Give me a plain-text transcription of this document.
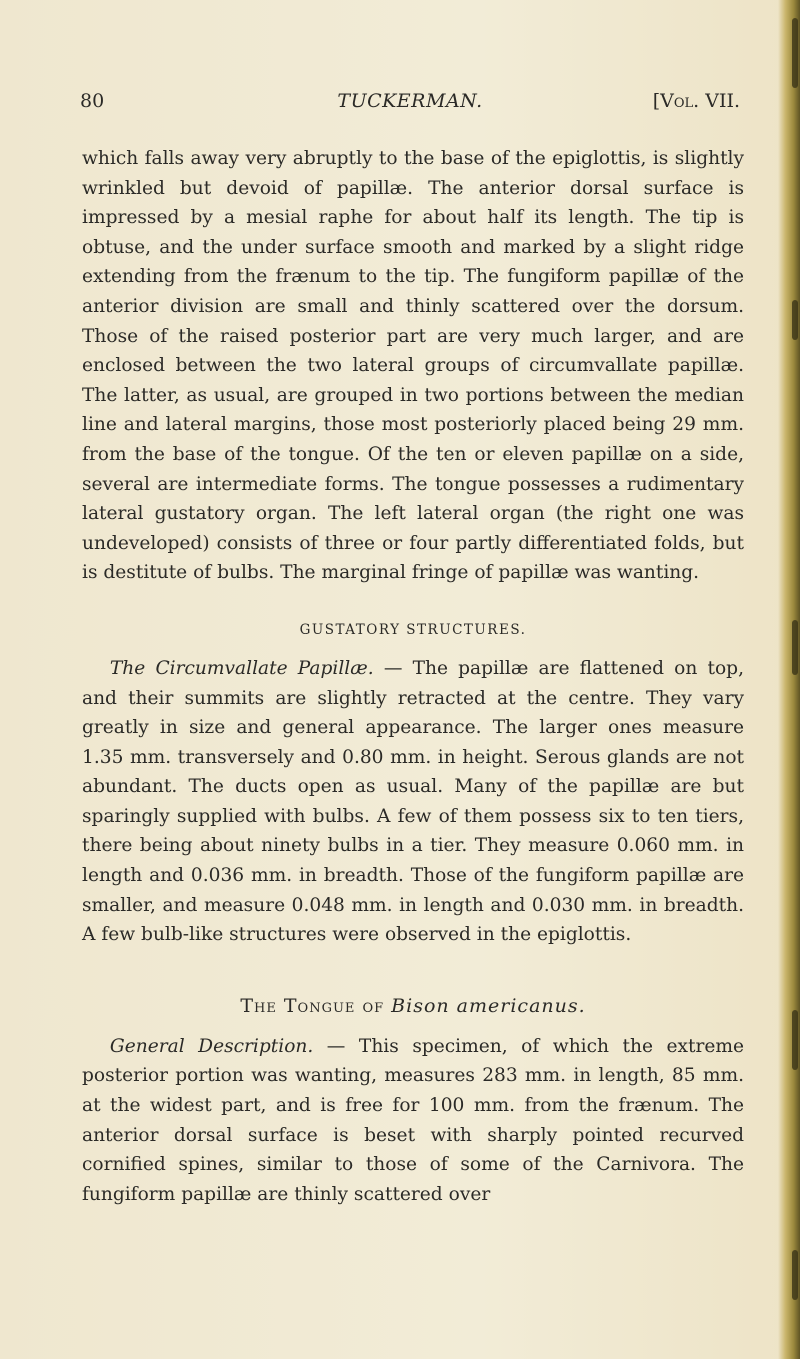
80	TUCKERMAN.	[Vol. VII.

which falls away very abruptly to the base of the epiglottis, is slightly wrinkled but devoid of papillæ. The anterior dorsal surface is impressed by a mesial raphe for about half its length. The tip is obtuse, and the under surface smooth and marked by a slight ridge extending from the frænum to the tip. The fungiform papillæ of the anterior division are small and thinly scattered over the dorsum. Those of the raised posterior part are very much larger, and are enclosed between the two lateral groups of circumvallate papillæ. The latter, as usual, are grouped in two portions between the median line and lateral margins, those most posteriorly placed being 29 mm. from the base of the tongue. Of the ten or eleven papillæ on a side, several are intermediate forms. The tongue possesses a rudimentary lateral gustatory organ. The left lateral organ (the right one was undeveloped) consists of three or four partly differentiated folds, but is destitute of bulbs. The marginal fringe of papillæ was wanting.

GUSTATORY STRUCTURES.

The Circumvallate Papillæ. — The papillæ are flattened on top, and their summits are slightly retracted at the centre. They vary greatly in size and general appearance. The larger ones measure 1.35 mm. transversely and 0.80 mm. in height. Serous glands are not abundant. The ducts open as usual. Many of the papillæ are but sparingly supplied with bulbs. A few of them possess six to ten tiers, there being about ninety bulbs in a tier. They measure 0.060 mm. in length and 0.036 mm. in breadth. Those of the fungiform papillæ are smaller, and measure 0.048 mm. in length and 0.030 mm. in breadth. A few bulb-like structures were observed in the epiglottis.

The Tongue of Bison americanus.

General Description. — This specimen, of which the extreme posterior portion was wanting, measures 283 mm. in length, 85 mm. at the widest part, and is free for 100 mm. from the frænum. The anterior dorsal surface is beset with sharply pointed recurved cornified spines, similar to those of some of the Carnivora. The fungiform papillæ are thinly scattered over
